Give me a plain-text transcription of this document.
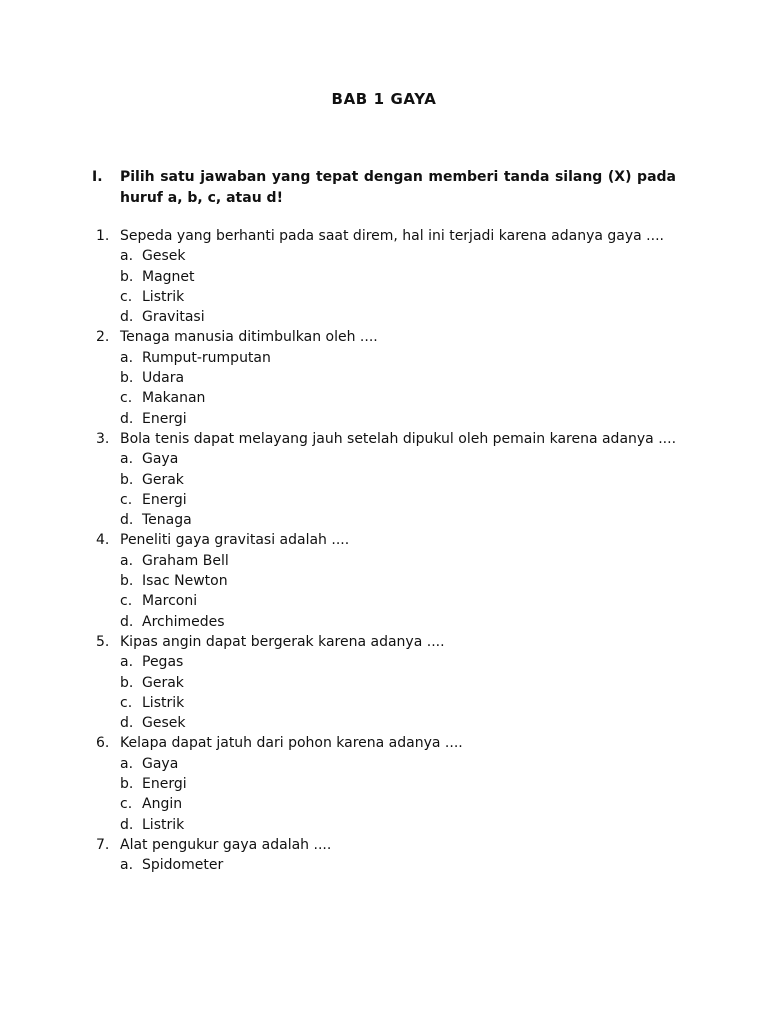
BAB 1 GAYA
I.	Pilih satu jawaban yang tepat dengan memberi tanda silang (X) pada huruf a, b, c, atau d!
1. Sepeda yang berhanti pada saat direm, hal ini terjadi karena adanya gaya ....
a. Gesek
b. Magnet
c. Listrik
d. Gravitasi
2. Tenaga manusia ditimbulkan oleh ....
a. Rumput-rumputan
b. Udara
c. Makanan
d. Energi
3. Bola tenis dapat melayang jauh setelah dipukul oleh pemain karena adanya ....
a. Gaya
b. Gerak
c. Energi
d. Tenaga
4. Peneliti gaya gravitasi adalah ....
a. Graham Bell
b. Isac Newton
c. Marconi
d. Archimedes
5. Kipas angin dapat bergerak karena adanya ....
a. Pegas
b. Gerak
c. Listrik
d. Gesek
6. Kelapa dapat jatuh dari pohon karena adanya ....
a. Gaya
b. Energi
c. Angin
d. Listrik
7. Alat pengukur gaya adalah ....
a. Spidometer
